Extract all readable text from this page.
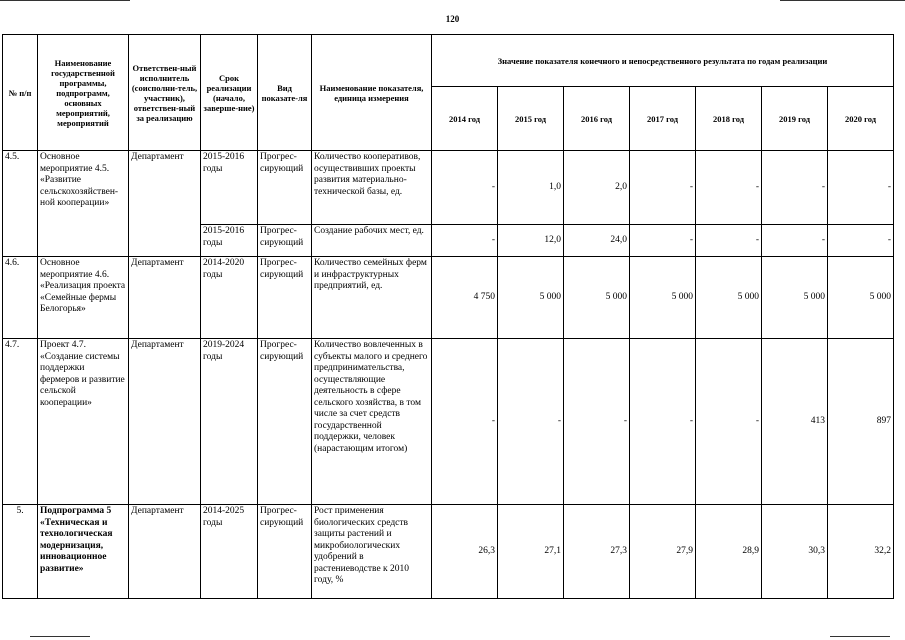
120
№ п/п	Наименование государственной программы, подпрограмм, основных мероприятий, мероприятий	Ответствен-ный исполнитель (соисполни-тель, участник), ответствен-ный за реализацию	Срок реализации (начало, заверше-ние)	Вид показате-ля	Наименование показателя, единица измерения	Значение показателя конечного и непосредственного результата по годам реализации						
						2014 год	2015 год	2016 год	2017 год	2018 год	2019 год	2020 год
4.5.	Основное мероприятие 4.5. «Развитие сельскохозяйствен-ной кооперации»	Департамент	2015-2016 годы	Прогрес-сирующий	Количество кооперативов, осуществивших проекты развития материально-технической базы, ед.	-	1,0	2,0	-	-	-	-
			2015-2016 годы	Прогрес-сирующий	Создание рабочих мест, ед.	-	12,0	24,0	-	-	-	-
4.6.	Основное мероприятие 4.6. «Реализация проекта «Семейные фермы Белогорья»	Департамент	2014-2020 годы	Прогрес-сирующий	Количество семейных ферм и инфраструктурных предприятий, ед.	4 750	5 000	5 000	5 000	5 000	5 000	5 000
4.7.	Проект 4.7. «Создание системы поддержки фермеров и развитие сельской кооперации»	Департамент	2019-2024 годы	Прогрес-сирующий	Количество вовлеченных в субъекты малого и среднего предпринимательства, осуществляющие деятельность в сфере сельского хозяйства, в том числе за счет средств государственной поддержки, человек (нарастающим итогом)	-	-	-	-	-	413	897
5.	Подпрограмма 5 «Техническая и технологическая модернизация, инновационное развитие»	Департамент	2014-2025 годы	Прогрес-сирующий	Рост применения биологических средств защиты растений и микробиологических удобрений в растениеводстве к 2010 году, %	26,3	27,1	27,3	27,9	28,9	30,3	32,2
